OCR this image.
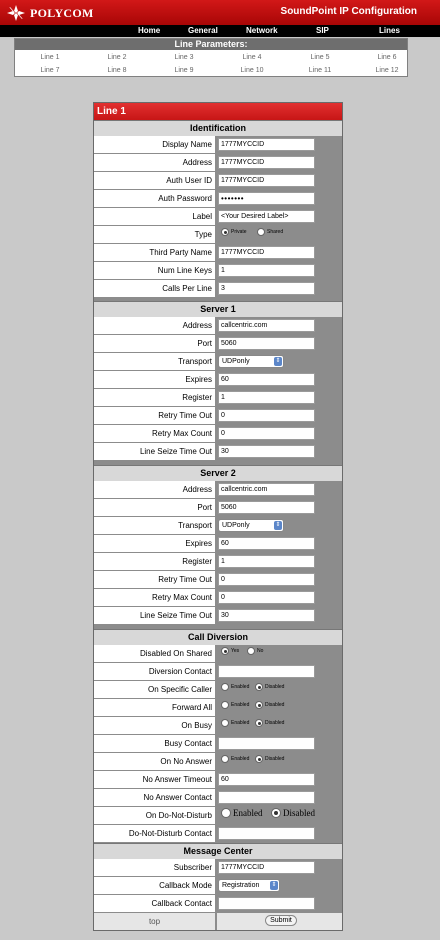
POLYCOM	SoundPoint IP Configuration
Home	General	Network	SIP	Lines
Line Parameters:
Line 1	Line 2	Line 3	Line 4	Line 5	Line 6
Line 7	Line 8	Line 9	Line 10	Line 11	Line 12
Line 1
Identification
Display Name	1777MYCCID
Address	1777MYCCID
Auth User ID	1777MYCCID
Auth Password	•••••••
Label	<Your Desired Label>
Type	Private	Shared
Third Party Name	1777MYCCID
Num Line Keys	1
Calls Per Line	3
Server 1
Address	callcentric.com
Port	5060
Transport	UDPonly	⇕
Expires	60
Register	1
Retry Time Out	0
Retry Max Count	0
Line Seize Time Out	30
Server 2
Address	callcentric.com
Port	5060
Transport	UDPonly	⇕
Expires	60
Register	1
Retry Time Out	0
Retry Max Count	0
Line Seize Time Out	30
Call Diversion
Disabled On Shared	Yes	No
Diversion Contact
On Specific Caller	Enabled	Disabled
Forward All	Enabled	Disabled
On Busy	Enabled	Disabled
Busy Contact
On No Answer	Enabled	Disabled
No Answer Timeout	60
No Answer Contact
On Do-Not-Disturb	Enabled Disabled
Do-Not-Disturb Contact
Message Center
Subscriber	1777MYCCID
Callback Mode	Registration ⇕
Callback Contact
top	Submit
